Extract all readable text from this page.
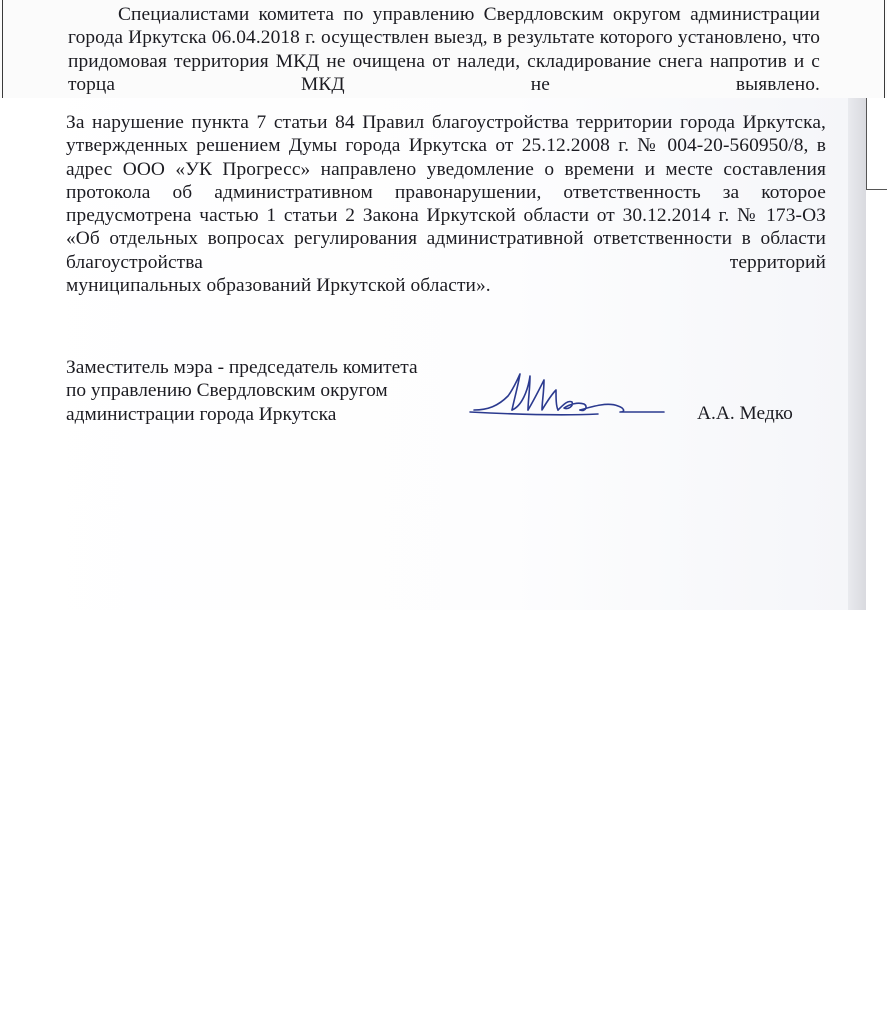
Специалистами комитета по управлению Свердловским округом администрации города Иркутска 06.04.2018 г. осуществлен выезд, в результате которого установлено, что придомовая территория МКД не очищена от наледи, складирование снега напротив и с торца МКД не выявлено.

За нарушение пункта 7 статьи 84 Правил благоустройства территории города Иркутска, утвержденных решением Думы города Иркутска от 25.12.2008 г. № 004-20-560950/8, в адрес ООО «УК Прогресс» направлено уведомление о времени и месте составления протокола об административном правонарушении, ответственность за которое предусмотрена частью 1 статьи 2 Закона Иркутской области от 30.12.2014 г. № 173-ОЗ «Об отдельных вопросах регулирования административной ответственности в области благоустройства территорий
муниципальных образований Иркутской области».

Заместитель мэра - председатель комитета
по управлению Свердловским округом
администрации города Иркутска	А.А. Медко
